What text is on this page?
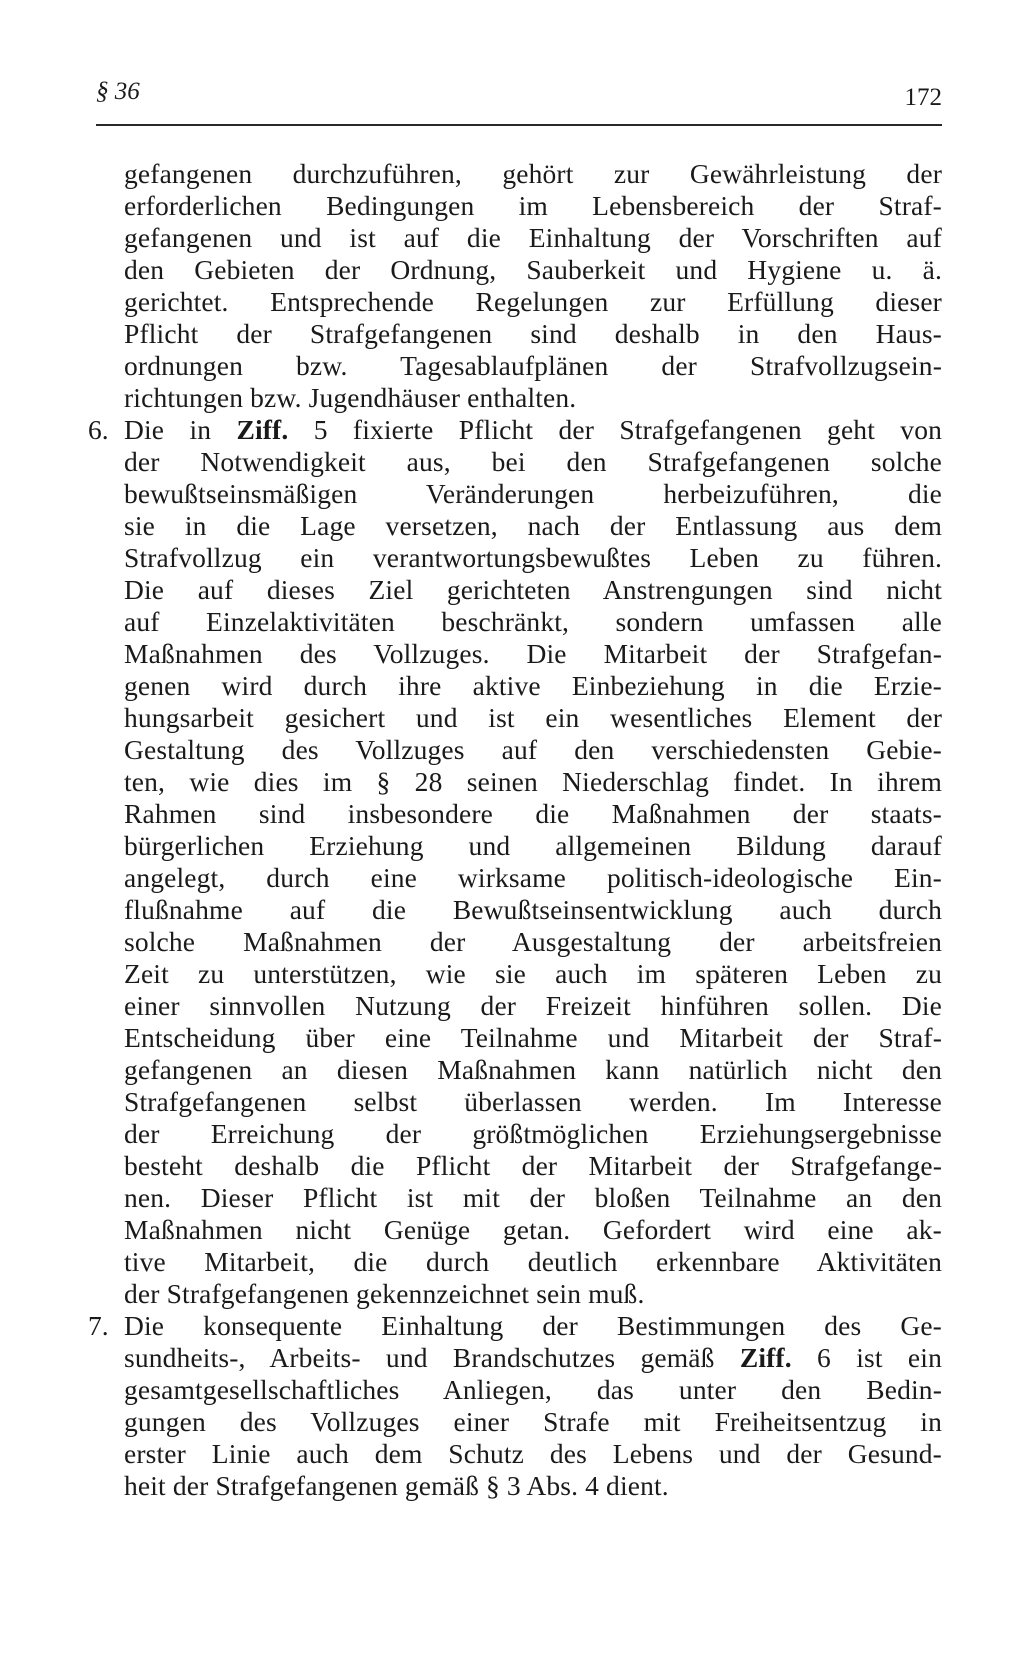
§ 36	172
gefangenen durchzuführen, gehört zur Gewährleistung der
erforderlichen Bedingungen im Lebensbereich der Straf-
gefangenen und ist auf die Einhaltung der Vorschriften auf
den Gebieten der Ordnung, Sauberkeit und Hygiene u. ä.
gerichtet. Entsprechende Regelungen zur Erfüllung dieser
Pflicht der Strafgefangenen sind deshalb in den Haus-
ordnungen bzw. Tagesablaufplänen der Strafvollzugsein-
richtungen bzw. Jugendhäuser enthalten.
6. Die in Ziff. 5 fixierte Pflicht der Strafgefangenen geht von
der Notwendigkeit aus, bei den Strafgefangenen solche
bewußtseinsmäßigen Veränderungen herbeizuführen, die
sie in die Lage versetzen, nach der Entlassung aus dem
Strafvollzug ein verantwortungsbewußtes Leben zu führen.
Die auf dieses Ziel gerichteten Anstrengungen sind nicht
auf Einzelaktivitäten beschränkt, sondern umfassen alle
Maßnahmen des Vollzuges. Die Mitarbeit der Strafgefan-
genen wird durch ihre aktive Einbeziehung in die Erzie-
hungsarbeit gesichert und ist ein wesentliches Element der
Gestaltung des Vollzuges auf den verschiedensten Gebie-
ten, wie dies im § 28 seinen Niederschlag findet. In ihrem
Rahmen sind insbesondere die Maßnahmen der staats-
bürgerlichen Erziehung und allgemeinen Bildung darauf
angelegt, durch eine wirksame politisch-ideologische Ein-
flußnahme auf die Bewußtseinsentwicklung auch durch
solche Maßnahmen der Ausgestaltung der arbeitsfreien
Zeit zu unterstützen, wie sie auch im späteren Leben zu
einer sinnvollen Nutzung der Freizeit hinführen sollen. Die
Entscheidung über eine Teilnahme und Mitarbeit der Straf-
gefangenen an diesen Maßnahmen kann natürlich nicht den
Strafgefangenen selbst überlassen werden. Im Interesse
der Erreichung der größtmöglichen Erziehungsergebnisse
besteht deshalb die Pflicht der Mitarbeit der Strafgefange-
nen. Dieser Pflicht ist mit der bloßen Teilnahme an den
Maßnahmen nicht Genüge getan. Gefordert wird eine ak-
tive Mitarbeit, die durch deutlich erkennbare Aktivitäten
der Strafgefangenen gekennzeichnet sein muß.
7. Die konsequente Einhaltung der Bestimmungen des Ge-
sundheits-, Arbeits- und Brandschutzes gemäß Ziff. 6 ist ein
gesamtgesellschaftliches Anliegen, das unter den Bedin-
gungen des Vollzuges einer Strafe mit Freiheitsentzug in
erster Linie auch dem Schutz des Lebens und der Gesund-
heit der Strafgefangenen gemäß § 3 Abs. 4 dient.
